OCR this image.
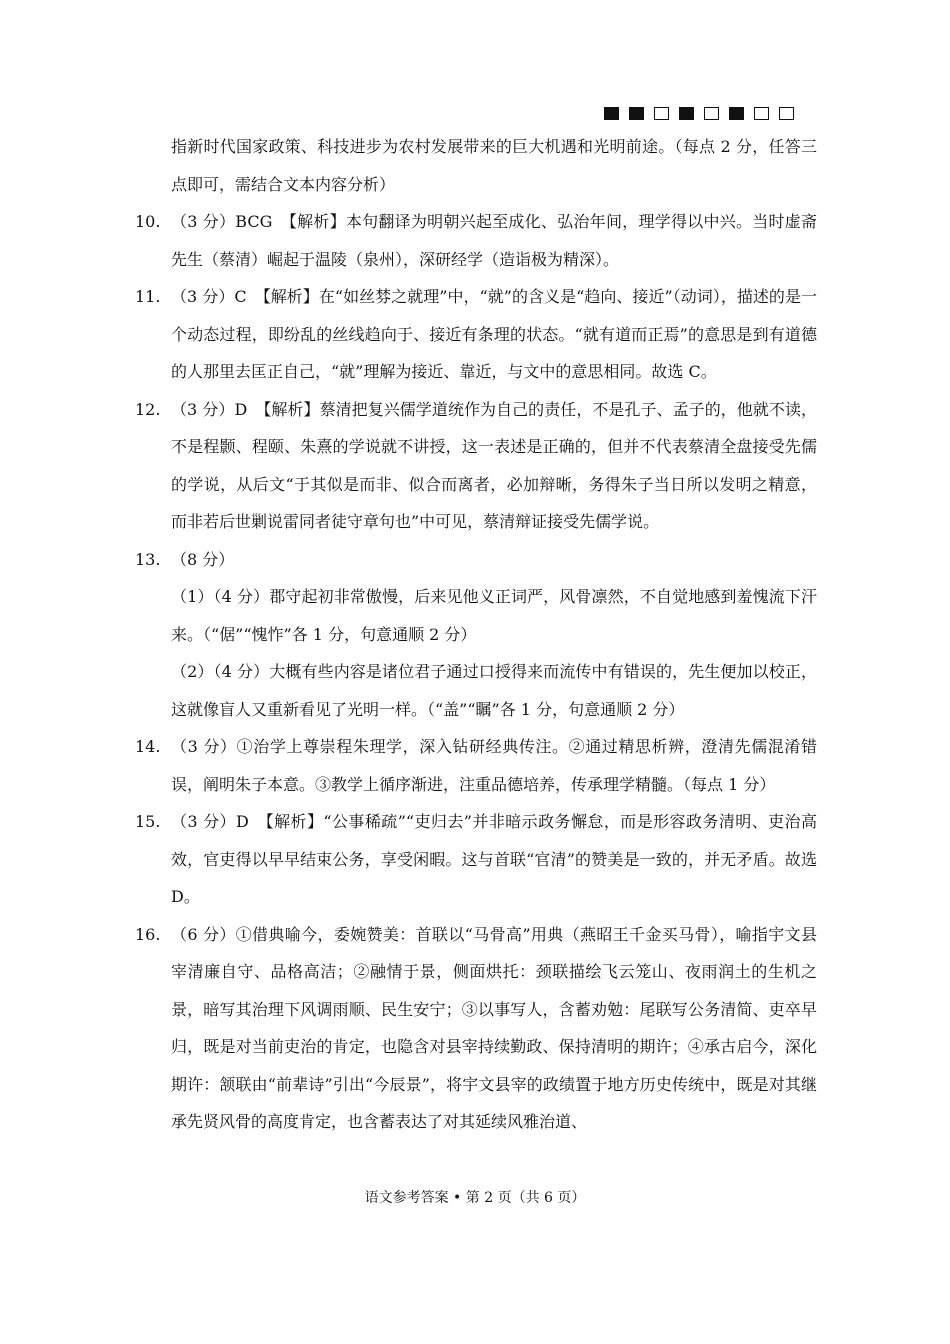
指新时代国家政策、科技进步为农村发展带来的巨大机遇和光明前途。（每点 2 分，任答三点即可，需结合文本内容分析）
10. （3 分）BCG　【解析】本句翻译为明朝兴起至成化、弘治年间，理学得以中兴。当时虚斋先生（蔡清）崛起于温陵（泉州），深研经学（造诣极为精深）。
11. （3 分）C　【解析】在“如丝棼之就理”中，“就”的含义是“趋向、接近”（动词），描述的是一个动态过程，即纷乱的丝线趋向于、接近有条理的状态。“就有道而正焉”的意思是到有道德的人那里去匡正自己，“就”理解为接近、靠近，与文中的意思相同。故选 C。
12. （3 分）D　【解析】蔡清把复兴儒学道统作为自己的责任，不是孔子、孟子的，他就不读，不是程颢、程颐、朱熹的学说就不讲授，这一表述是正确的，但并不代表蔡清全盘接受先儒的学说，从后文“于其似是而非、似合而离者，必加辩晰，务得朱子当日所以发明之精意，而非若后世剿说雷同者徒守章句也”中可见，蔡清辩证接受先儒学说。
13. （8 分）
（1）（4 分）郡守起初非常傲慢，后来见他义正词严，风骨凛然，不自觉地感到羞愧流下汗来。（“倨”“愧怍”各 1 分，句意通顺 2 分）
（2）（4 分）大概有些内容是诸位君子通过口授得来而流传中有错误的，先生便加以校正，这就像盲人又重新看见了光明一样。（“盖”“瞩”各 1 分，句意通顺 2 分）
14. （3 分）①治学上尊崇程朱理学，深入钻研经典传注。②通过精思析辨，澄清先儒混淆错误，阐明朱子本意。③教学上循序渐进，注重品德培养，传承理学精髓。（每点 1 分）
15. （3 分）D　【解析】“公事稀疏”“吏归去”并非暗示政务懈怠，而是形容政务清明、吏治高效，官吏得以早早结束公务，享受闲暇。这与首联“官清”的赞美是一致的，并无矛盾。故选 D。
16. （6 分）①借典喻今，委婉赞美：首联以“马骨高”用典（燕昭王千金买马骨），喻指宇文县宰清廉自守、品格高洁；②融情于景，侧面烘托：颈联描绘飞云笼山、夜雨润土的生机之景，暗写其治理下风调雨顺、民生安宁；③以事写人，含蓄劝勉：尾联写公务清简、吏卒早归，既是对当前吏治的肯定，也隐含对县宰持续勤政、保持清明的期许；④承古启今，深化期许：颔联由“前辈诗”引出“今辰景”，将宇文县宰的政绩置于地方历史传统中，既是对其继承先贤风骨的高度肯定，也含蓄表达了对其延续风雅治道、
语文参考答案 • 第 2 页（共 6 页）
